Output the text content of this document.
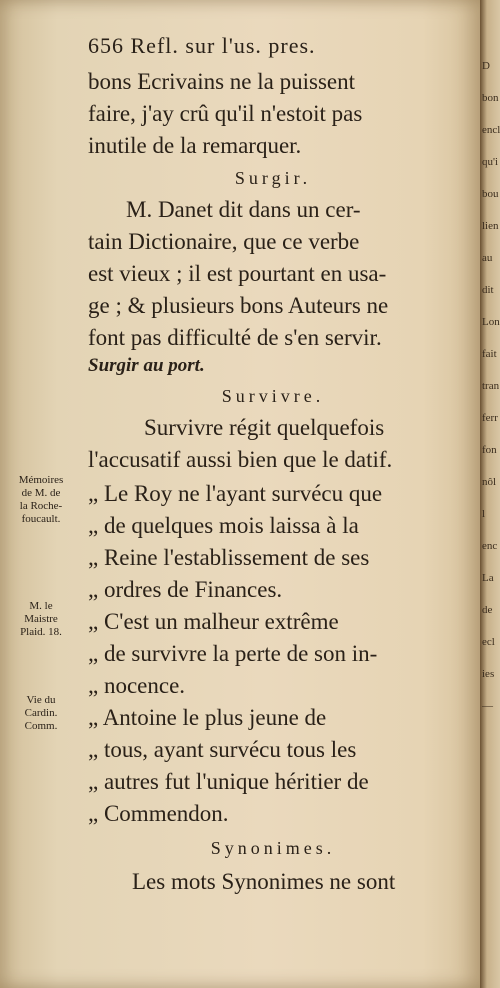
656 Refl. sur l'us. pres.
bons Ecrivains ne la puissent
faire, j'ay crû qu'il n'estoit pas
inutile de la remarquer.
Surgir.
M. Danet dit dans un cer-
tain Dictionaire, que ce verbe
est vieux ; il est pourtant en usa-
ge ; & plusieurs bons Auteurs ne
font pas difficulté de s'en servir.
Surgir au port.
Survivre.
Survivre régit quelquefois
l'accusatif aussi bien que le datif.
„ Le Roy ne l'ayant survécu que
„ de quelques mois laissa à la
„ Reine l'establissement de ses
„ ordres de Finances.
„ C'est un malheur extrême
„ de survivre la perte de son in-
„ nocence.
„ Antoine le plus jeune de
„ tous, ayant survécu tous les
„ autres fut l'unique héritier de
„ Commendon.
Synonimes.
Les mots Synonimes ne sont
Mémoires
de M. de
la Roche-
foucault.
M. le
Maistre
Plaid. 18.
Vie du
Cardin.
Comm.
D
bon
encl
qu'i
bou
lien
au
dit
Lon
fait
tran
ferr
fon
nôl
l
enc
La
de
ecl
ies
—
